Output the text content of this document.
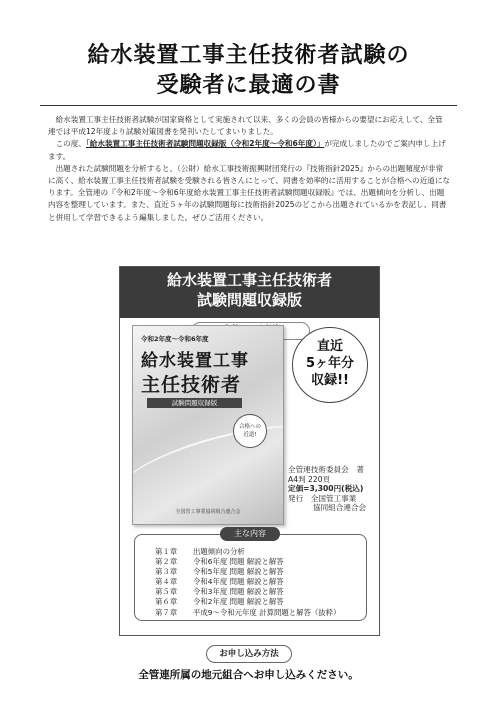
給水装置工事主任技術者試験の
受験者に最適の書

給水装置工事主任技術者試験が国家資格として実施されて以来、多くの会員の皆様からの要望にお応えして、全管連では平成12年度より試験対策図書を発刊いたしてまいりました。

この度、「給水装置工事主任技術者試験問題収録版（令和2年度〜令和6年度）」が完成しましたのでご案内申し上げます。

出題された試験問題を分析すると、（公財）給水工事技術振興財団発行の『技術指針2025』からの出題頻度が非常に高く、給水装置工事主任技術者試験を受験される皆さんにとって、同書を効率的に活用することが合格への近道になります。全管連の『令和2年度〜令和6年度給水装置工事主任技術者試験問題収録版』では、出題傾向を分析し、出題内容を整理しています。また、直近５ヶ年の試験問題毎に技術指針2025のどこから出題されているかを表記し、同書と併用して学習できるよう編集しました。ぜひご活用ください。

給水装置工事主任技術者
試験問題収録版
令和2年度〜令和6年度
給水装置工事
主任技術者
試験問題収録版
合格への
近道!
全国管工事業協同組合連合会
直近
5ヶ年分
収録!!
全管連技術委員会　著
A4判 220頁
定価=3,300円(税込)
発行　 全国管工事業
協同組合連合会
主な内容
第１章 出題傾向の分析
第２章 令和6年度 問題 解説と解答
第３章 令和5年度 問題 解説と解答
第４章 令和4年度 問題 解説と解答
第５章 令和3年度 問題 解説と解答
第６章 令和2年度 問題 解説と解答
第７章 平成9〜令和元年度 計算問題と解答（抜粋）
お申し込み方法
全管連所属の地元組合へお申し込みください。
